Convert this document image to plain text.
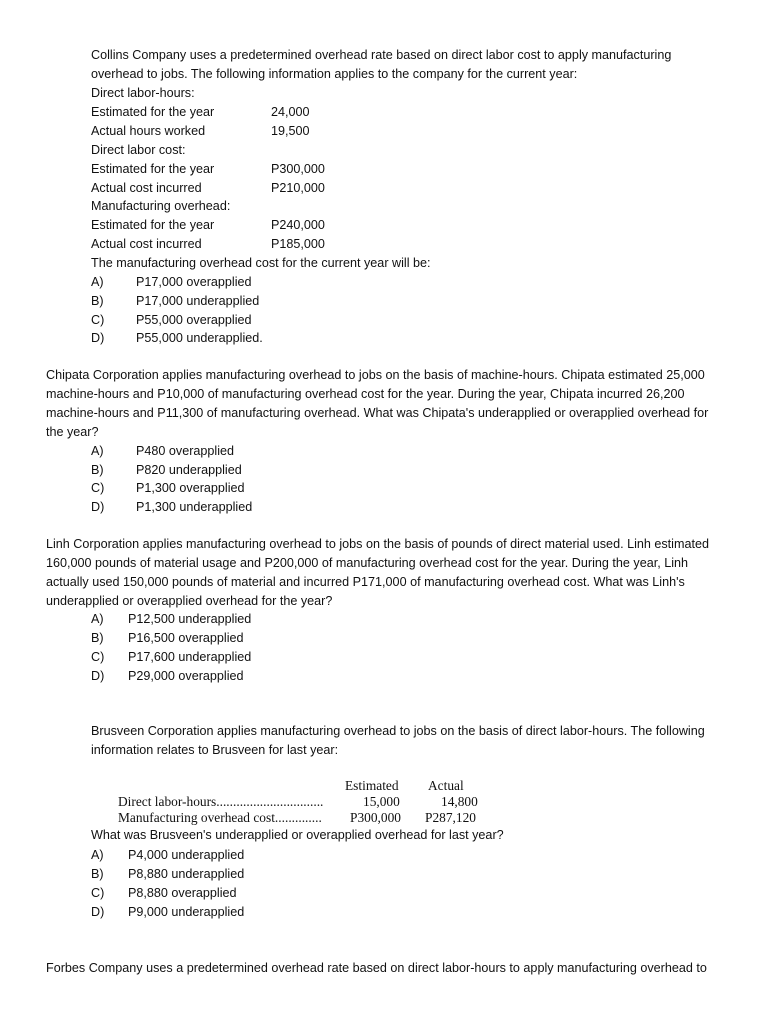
Collins Company uses a predetermined overhead rate based on direct labor cost to apply manufacturing
overhead to jobs. The following information applies to the company for the current year:
Direct labor-hours:
Estimated for the year	24,000
Actual hours worked	19,500
Direct labor cost:
Estimated for the year	P300,000
Actual cost incurred	P210,000
Manufacturing overhead:
Estimated for the year	P240,000
Actual cost incurred	P185,000
The manufacturing overhead cost for the current year will be:
A)	P17,000 overapplied
B)	P17,000 underapplied
C)	P55,000 overapplied
D)	P55,000 underapplied.
Chipata Corporation applies manufacturing overhead to jobs on the basis of machine-hours. Chipata estimated 25,000
machine-hours and P10,000 of manufacturing overhead cost for the year. During the year, Chipata incurred 26,200
machine-hours and P11,300 of manufacturing overhead. What was Chipata's underapplied or overapplied overhead for
the year?
A)	P480 overapplied
B)	P820 underapplied
C)	P1,300 overapplied
D)	P1,300 underapplied
Linh Corporation applies manufacturing overhead to jobs on the basis of pounds of direct material used. Linh estimated
160,000 pounds of material usage and P200,000 of manufacturing overhead cost for the year. During the year, Linh
actually used 150,000 pounds of material and incurred P171,000 of manufacturing overhead cost. What was Linh's
underapplied or overapplied overhead for the year?
A) P12,500 underapplied
B) P16,500 overapplied
C) P17,600 underapplied
D) P29,000 overapplied
Brusveen Corporation applies manufacturing overhead to jobs on the basis of direct labor-hours. The following
information relates to Brusveen for last year:
Estimated Actual
Direct labor-hours................................	15,000	14,800
Manufacturing overhead cost.............. P300,000 P287,120
What was Brusveen's underapplied or overapplied overhead for last year?
A) P4,000 underapplied
B) P8,880 underapplied
C) P8,880 overapplied
D) P9,000 underapplied
Forbes Company uses a predetermined overhead rate based on direct labor-hours to apply manufacturing overhead to
